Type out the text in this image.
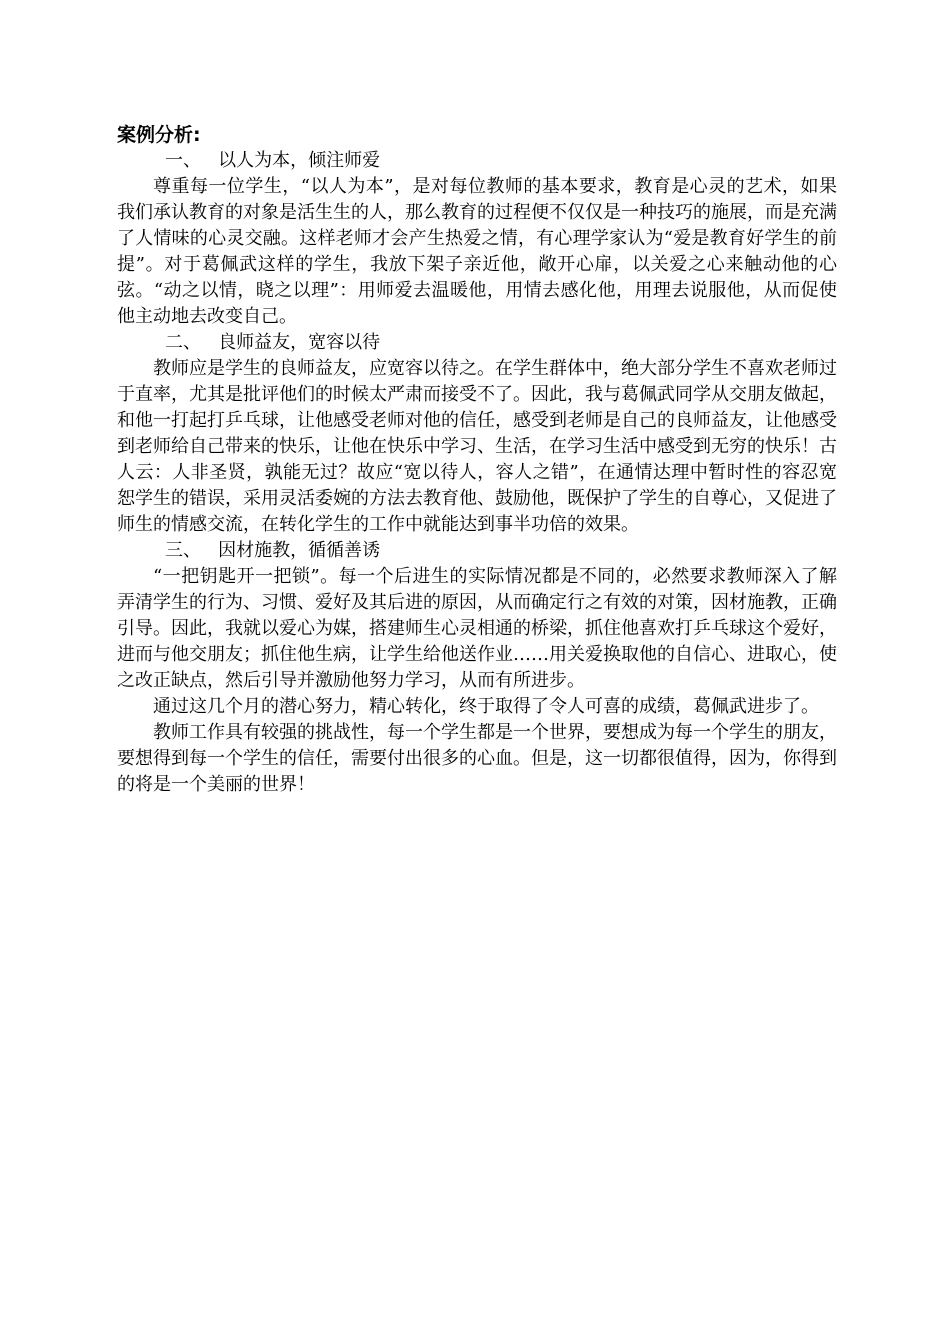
案例分析:

一、   以人为本，倾注师爱

尊重每一位学生，“以人为本”，是对每位教师的基本要求，教育是心灵的艺术，如果我们承认教育的对象是活生生的人，那么教育的过程便不仅仅是一种技巧的施展，而是充满了人情味的心灵交融。这样老师才会产生热爱之情，有心理学家认为“爱是教育好学生的前提”。对于葛佩武这样的学生，我放下架子亲近他，敞开心扉，以关爱之心来触动他的心弦。“动之以情，晓之以理”：用师爱去温暖他，用情去感化他，用理去说服他，从而促使他主动地去改变自己。

二、   良师益友，宽容以待

教师应是学生的良师益友，应宽容以待之。在学生群体中，绝大部分学生不喜欢老师过于直率，尤其是批评他们的时候太严肃而接受不了。因此，我与葛佩武同学从交朋友做起，和他一打起打乒乓球，让他感受老师对他的信任，感受到老师是自己的良师益友，让他感受到老师给自己带来的快乐，让他在快乐中学习、生活，在学习生活中感受到无穷的快乐！古人云：人非圣贤，孰能无过？故应“宽以待人，容人之错”，在通情达理中暂时性的容忍宽恕学生的错误，采用灵活委婉的方法去教育他、鼓励他，既保护了学生的自尊心，又促进了师生的情感交流，在转化学生的工作中就能达到事半功倍的效果。

三、   因材施教，循循善诱

“一把钥匙开一把锁”。每一个后进生的实际情况都是不同的，必然要求教师深入了解弄清学生的行为、习惯、爱好及其后进的原因，从而确定行之有效的对策，因材施教，正确引导。因此，我就以爱心为媒，搭建师生心灵相通的桥梁，抓住他喜欢打乒乓球这个爱好，进而与他交朋友；抓住他生病，让学生给他送作业……用关爱换取他的自信心、进取心，使之改正缺点，然后引导并激励他努力学习，从而有所进步。

通过这几个月的潜心努力，精心转化，终于取得了令人可喜的成绩，葛佩武进步了。

教师工作具有较强的挑战性，每一个学生都是一个世界，要想成为每一个学生的朋友，要想得到每一个学生的信任，需要付出很多的心血。但是，这一切都很值得，因为，你得到的将是一个美丽的世界！
